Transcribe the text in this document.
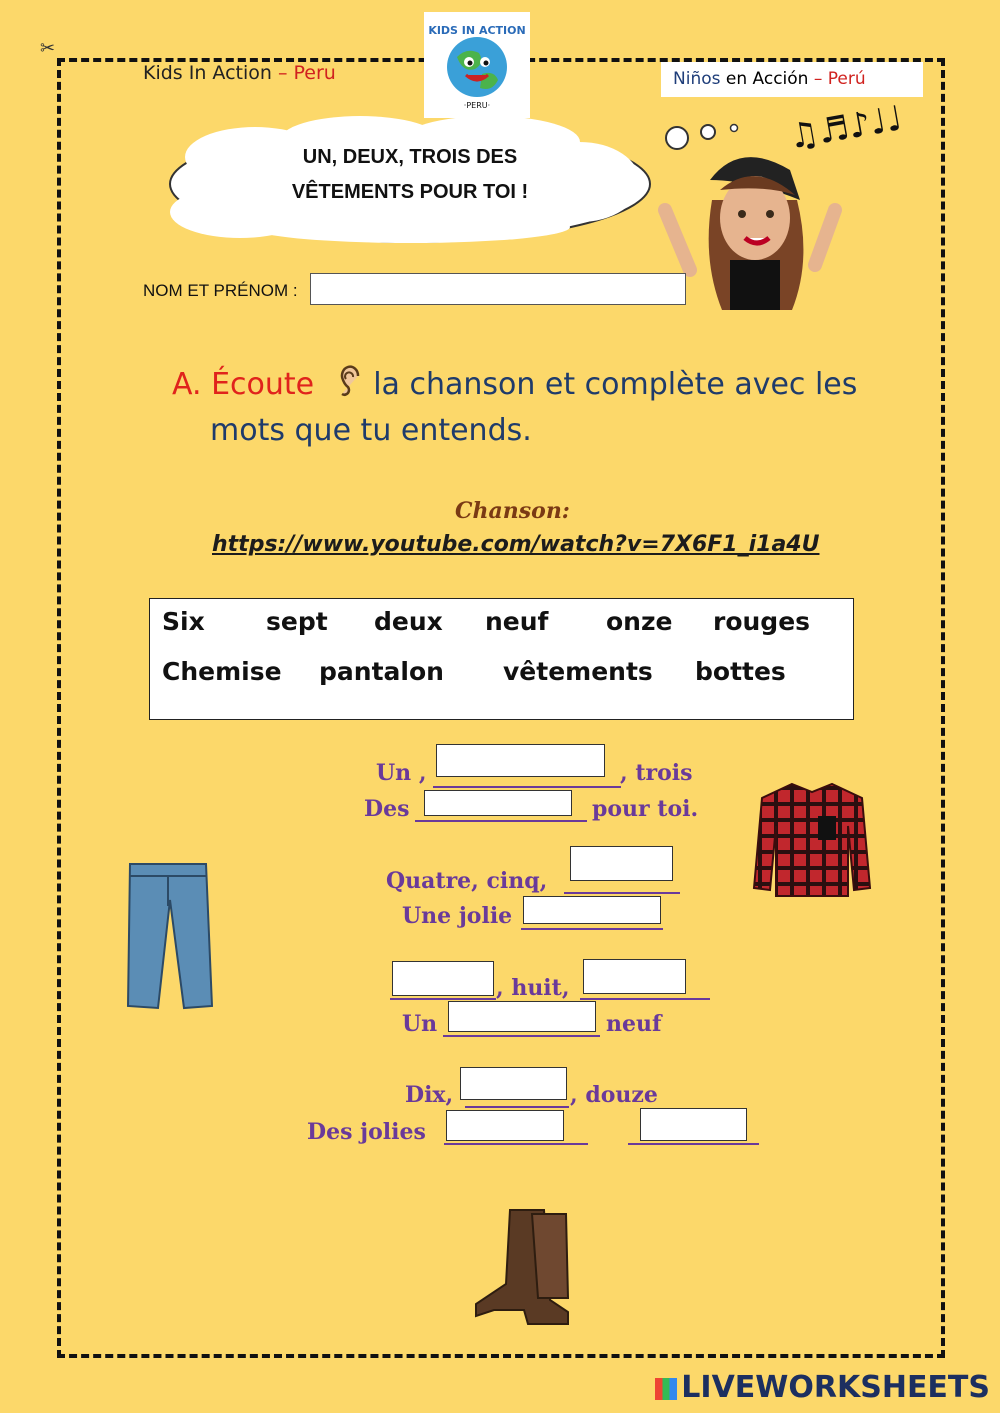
✂
Kids In Action – Peru
KIDS IN ACTION
·PERU·
Niños en Acción – Perú
UN, DEUX, TROIS DES
VÊTEMENTS POUR TOI !
♫♬♪♩♩
NOM ET PRÉNOM :
A. Écoute  la chanson et complète avec les
mots que tu entends.
Chanson:
https://www.youtube.com/watch?v=7X6F1_i1a4U
Six sept deux neuf onze rouges
Chemise pantalon vêtements bottes
Un ,	, trois
Des	pour toi.
Quatre, cinq,
Une jolie
, huit,
Un	neuf
Dix,	, douze
Des jolies
LIVEWORKSHEETS
